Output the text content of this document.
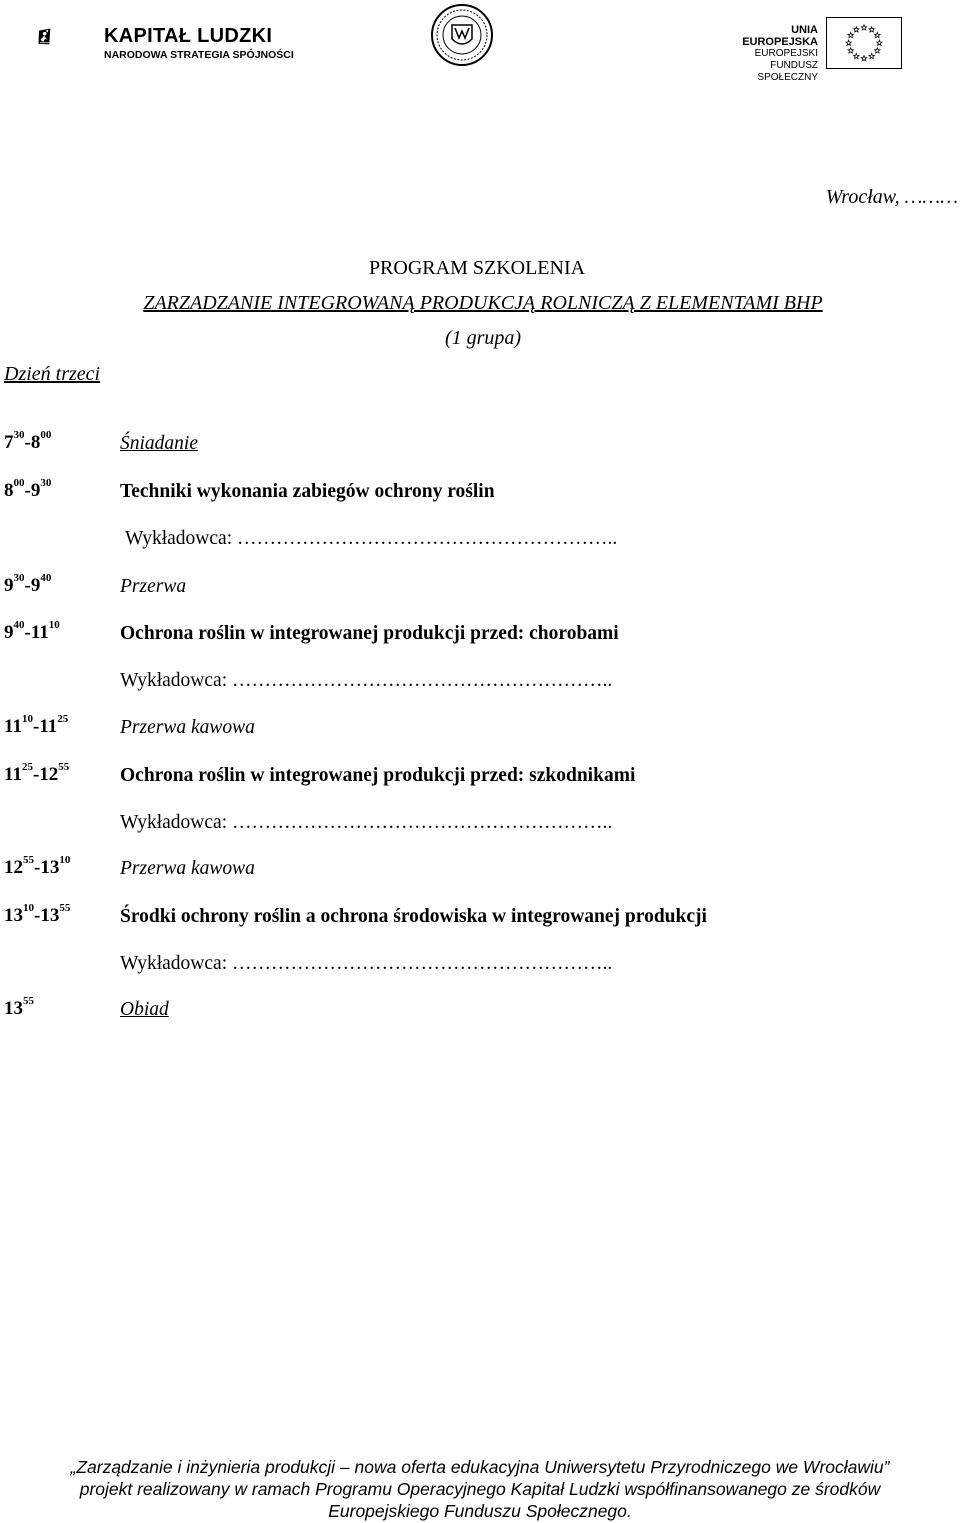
KAPITAŁ LUDZKI
NARODOWA STRATEGIA SPÓJNOŚCI
UNIA EUROPEJSKA
EUROPEJSKI
FUNDUSZ SPOŁECZNY
Wrocław, ………
PROGRAM SZKOLENIA
ZARZADZANIE INTEGROWANĄ PRODUKCJĄ ROLNICZĄ Z ELEMENTAMI BHP
(1 grupa)
Dzień trzeci
$7^{30}-8^{00}$	Śniadanie
$8^{00}-9^{30}$	Techniki wykonania zabiegów ochrony roślin
Wykładowca: …………………………………………………..
$9^{30}-9^{40}$	Przerwa
$9^{40}-11^{10}$	Ochrona roślin w integrowanej produkcji przed: chorobami
Wykładowca: …………………………………………………..
$11^{10}-11^{25}$	Przerwa kawowa
$11^{25}-12^{55}$	Ochrona roślin w integrowanej produkcji przed: szkodnikami
Wykładowca: …………………………………………………..
$12^{55}-13^{10}$	Przerwa kawowa
$13^{10}-13^{55}$	Środki ochrony roślin a ochrona środowiska w integrowanej produkcji
Wykładowca: …………………………………………………..
$13^{55}$	Obiad
„Zarządzanie i inżynieria produkcji – nowa oferta edukacyjna Uniwersytetu Przyrodniczego we Wrocławiu”
projekt realizowany w ramach Programu Operacyjnego Kapitał Ludzki współfinansowanego ze środków
Europejskiego Funduszu Społecznego.
